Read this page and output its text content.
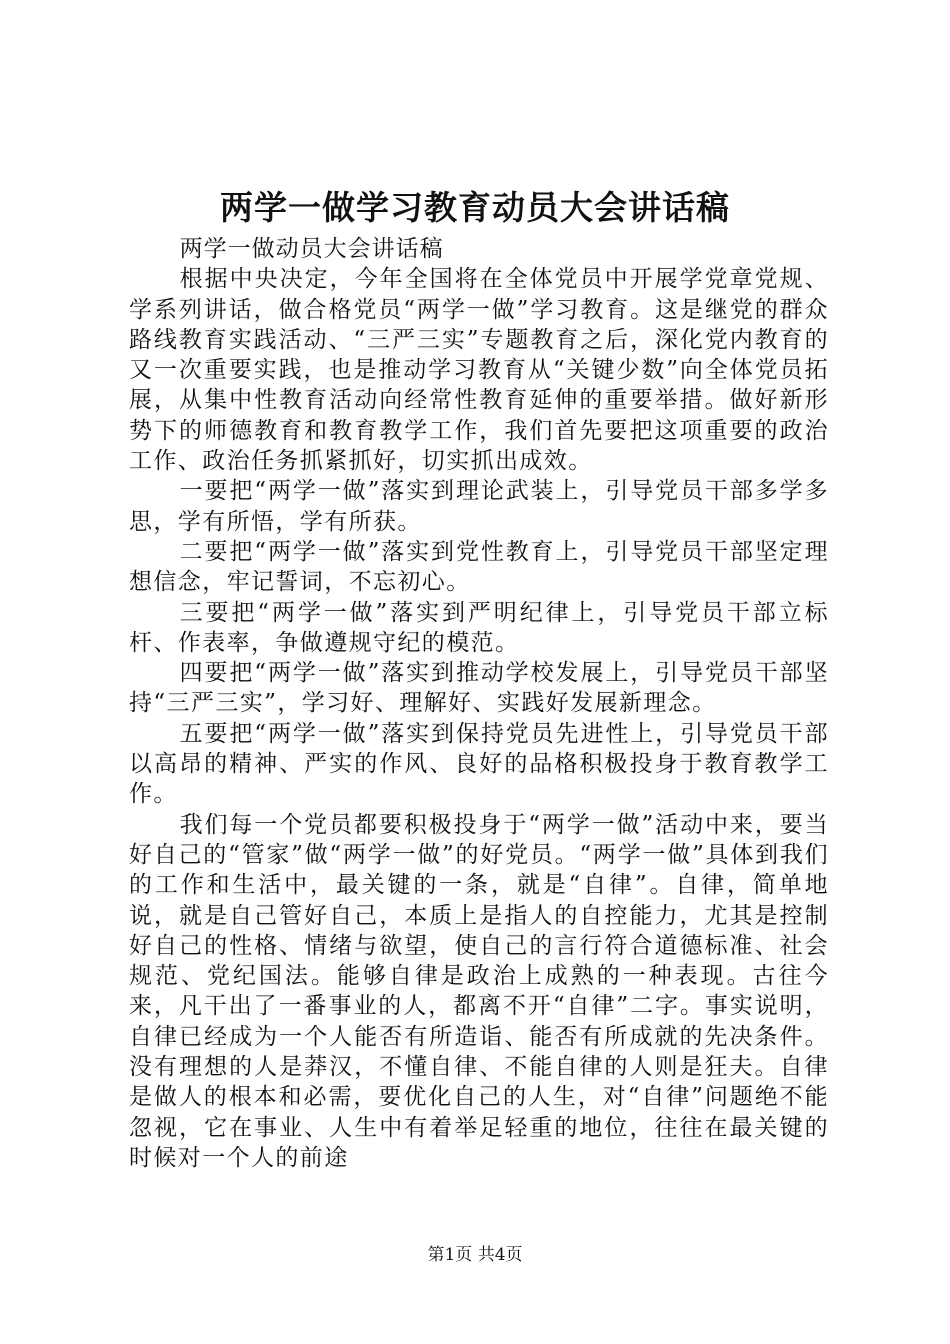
两学一做学习教育动员大会讲话稿

两学一做动员大会讲话稿

根据中央决定，今年全国将在全体党员中开展学党章党规、学系列讲话，做合格党员“两学一做”学习教育。这是继党的群众路线教育实践活动、“三严三实”专题教育之后，深化党内教育的又一次重要实践，也是推动学习教育从“关键少数”向全体党员拓展，从集中性教育活动向经常性教育延伸的重要举措。做好新形势下的师德教育和教育教学工作，我们首先要把这项重要的政治工作、政治任务抓紧抓好，切实抓出成效。

一要把“两学一做”落实到理论武装上，引导党员干部多学多思，学有所悟，学有所获。

二要把“两学一做”落实到党性教育上，引导党员干部坚定理想信念，牢记誓词，不忘初心。

三要把“两学一做”落实到严明纪律上，引导党员干部立标杆、作表率，争做遵规守纪的模范。

四要把“两学一做”落实到推动学校发展上，引导党员干部坚持“三严三实”，学习好、理解好、实践好发展新理念。

五要把“两学一做”落实到保持党员先进性上，引导党员干部以高昂的精神、严实的作风、良好的品格积极投身于教育教学工作。

我们每一个党员都要积极投身于“两学一做”活动中来，要当好自己的“管家”做“两学一做”的好党员。“两学一做”具体到我们的工作和生活中，最关键的一条，就是“自律”。自律，简单地说，就是自己管好自己，本质上是指人的自控能力，尤其是控制好自己的性格、情绪与欲望，使自己的言行符合道德标准、社会规范、党纪国法。能够自律是政治上成熟的一种表现。古往今来，凡干出了一番事业的人，都离不开“自律”二字。事实说明，自律已经成为一个人能否有所造诣、能否有所成就的先决条件。没有理想的人是莽汉，不懂自律、不能自律的人则是狂夫。自律是做人的根本和必需，要优化自己的人生，对“自律”问题绝不能忽视，它在事业、人生中有着举足轻重的地位，往往在最关键的时候对一个人的前途

第1页 共4页
